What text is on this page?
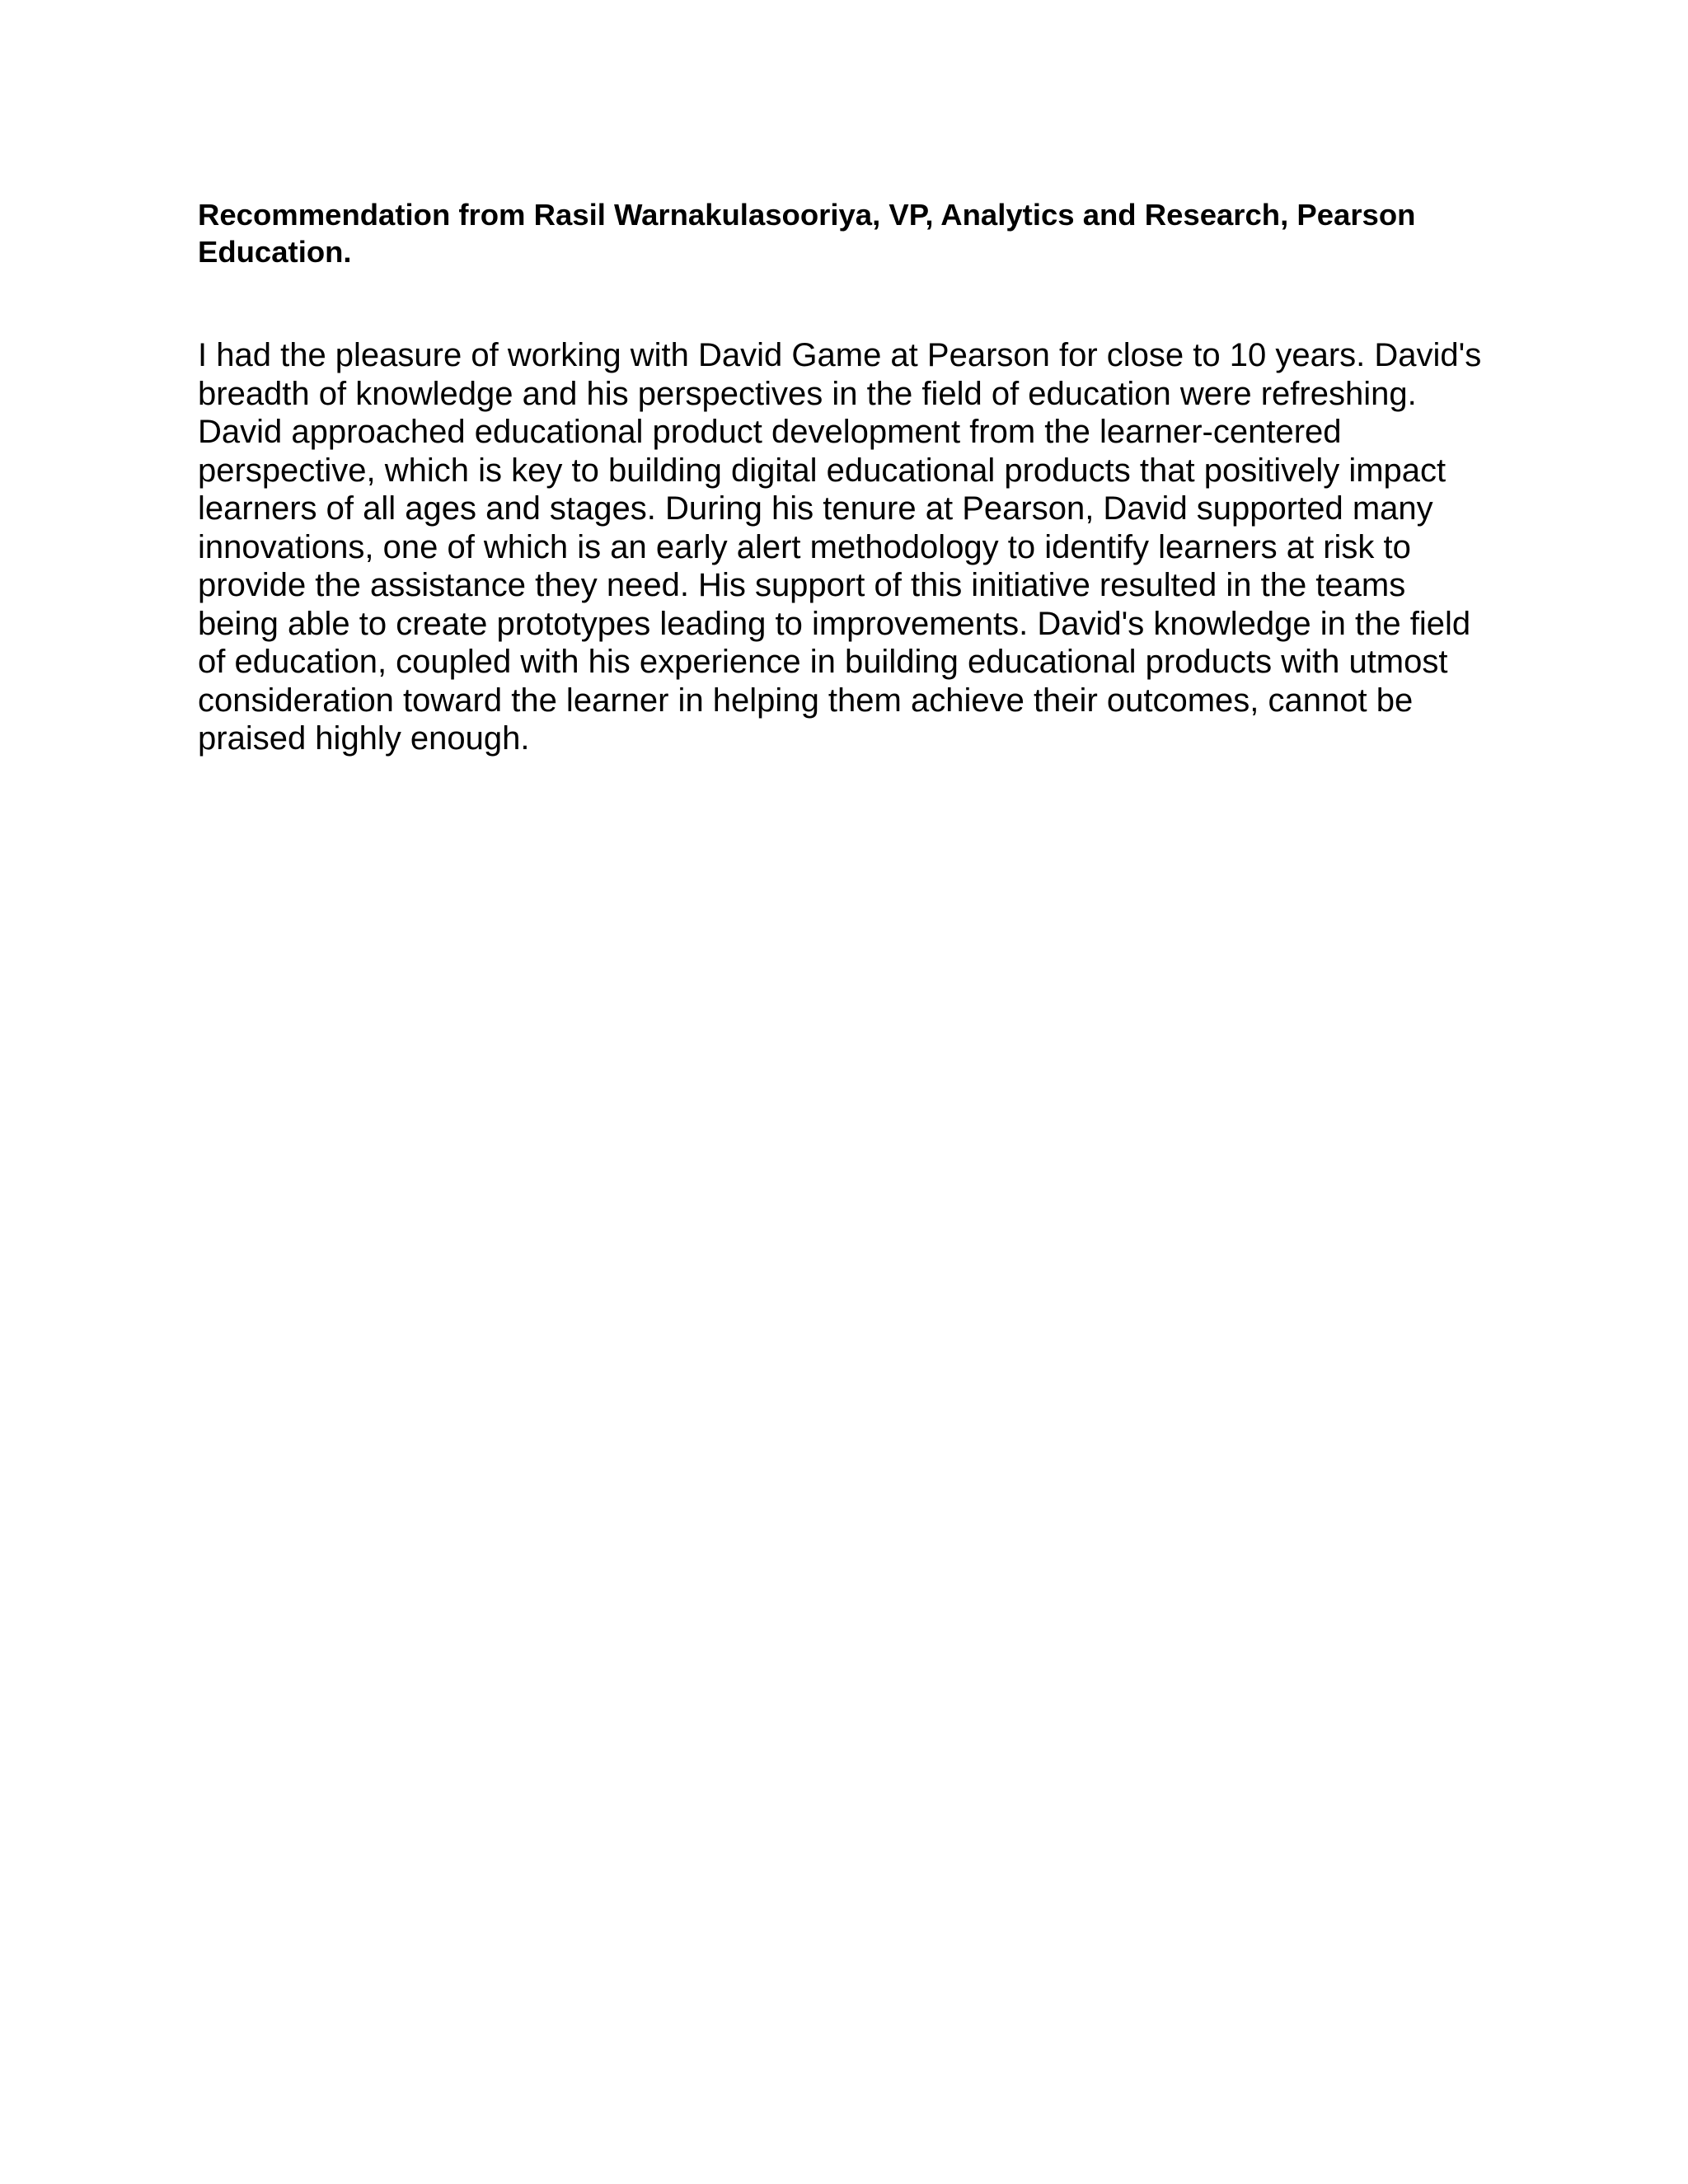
Recommendation from Rasil Warnakulasooriya, VP, Analytics and Research, Pearson
Education.

I had the pleasure of working with David Game at Pearson for close to 10 years. David's
breadth of knowledge and his perspectives in the field of education were refreshing.
David approached educational product development from the learner-centered
perspective, which is key to building digital educational products that positively impact
learners of all ages and stages. During his tenure at Pearson, David supported many
innovations, one of which is an early alert methodology to identify learners at risk to
provide the assistance they need. His support of this initiative resulted in the teams
being able to create prototypes leading to improvements. David's knowledge in the field
of education, coupled with his experience in building educational products with utmost
consideration toward the learner in helping them achieve their outcomes, cannot be
praised highly enough.
